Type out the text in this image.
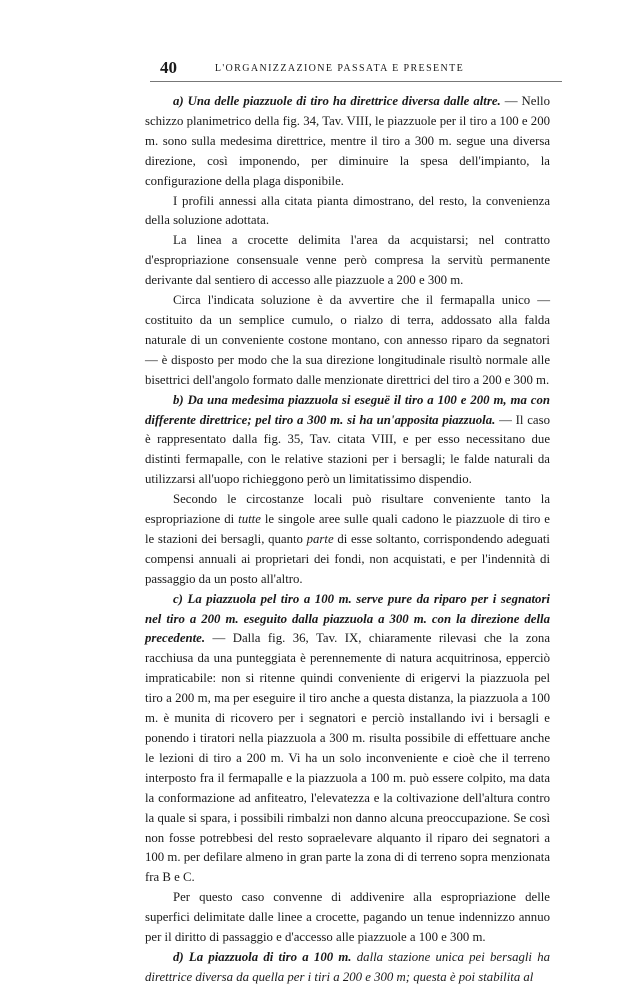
40	L'ORGANIZZAZIONE PASSATA E PRESENTE

a) Una delle piazzuole di tiro ha direttrice diversa dalle altre. — Nello schizzo planimetrico della fig. 34, Tav. VIII, le piazzuole per il tiro a 100 e 200 m. sono sulla medesima direttrice, mentre il tiro a 300 m. segue una diversa direzione, così imponendo, per diminuire la spesa dell'impianto, la configurazione della plaga disponibile.

I profili annessi alla citata pianta dimostrano, del resto, la convenienza della soluzione adottata.

La linea a crocette delimita l'area da acquistarsi; nel contratto d'espropriazione consensuale venne però compresa la servitù permanente derivante dal sentiero di accesso alle piazzuole a 200 e 300 m.

Circa l'indicata soluzione è da avvertire che il fermapalla unico — costituito da un semplice cumulo, o rialzo di terra, addossato alla falda naturale di un conveniente costone montano, con annesso riparo da segnatori — è disposto per modo che la sua direzione longitudinale risultò normale alle bisettrici dell'angolo formato dalle menzionate direttrici del tiro a 200 e 300 m.

b) Da una medesima piazzuola si eseguë il tiro a 100 e 200 m, ma con differente direttrice; pel tiro a 300 m. si ha un'apposita piazzuola. — Il caso è rappresentato dalla fig. 35, Tav. citata VIII, e per esso necessitano due distinti fermapalle, con le relative stazioni per i bersagli; le falde naturali da utilizzarsi all'uopo richieggono però un limitatissimo dispendio.

Secondo le circostanze locali può risultare conveniente tanto la espropriazione di tutte le singole aree sulle quali cadono le piazzuole di tiro e le stazioni dei bersagli, quanto parte di esse soltanto, corrispondendo adeguati compensi annuali ai proprietari dei fondi, non acquistati, e per l'indennità di passaggio da un posto all'altro.

c) La piazzuola pel tiro a 100 m. serve pure da riparo per i segnatori nel tiro a 200 m. eseguito dalla piazzuola a 300 m. con la direzione della precedente. — Dalla fig. 36, Tav. IX, chiaramente rilevasi che la zona racchiusa da una punteggiata è perennemente di natura acquitrinosa, epperciò impraticabile: non si ritenne quindi conveniente di erigervi la piazzuola pel tiro a 200 m, ma per eseguire il tiro anche a questa distanza, la piazzuola a 100 m. è munita di ricovero per i segnatori e perciò installando ivi i bersagli e ponendo i tiratori nella piazzuola a 300 m. risulta possibile di effettuare anche le lezioni di tiro a 200 m. Vi ha un solo inconveniente e cioè che il terreno interposto fra il fermapalle e la piazzuola a 100 m. può essere colpito, ma data la conformazione ad anfiteatro, l'elevatezza e la coltivazione dell'altura contro la quale si spara, i possibili rimbalzi non danno alcuna preoccupazione. Se così non fosse potrebbesi del resto sopraelevare alquanto il riparo dei segnatori a 100 m. per defilare almeno in gran parte la zona di di terreno sopra menzionata fra B e C.

Per questo caso convenne di addivenire alla espropriazione delle superfici delimitate dalle linee a crocette, pagando un tenue indennizzo annuo per il diritto di passaggio e d'accesso alle piazzuole a 100 e 300 m.

d) La piazzuola di tiro a 100 m. dalla stazione unica pei bersagli ha direttrice diversa da quella per i tiri a 200 e 300 m; questa è poi stabilita al
